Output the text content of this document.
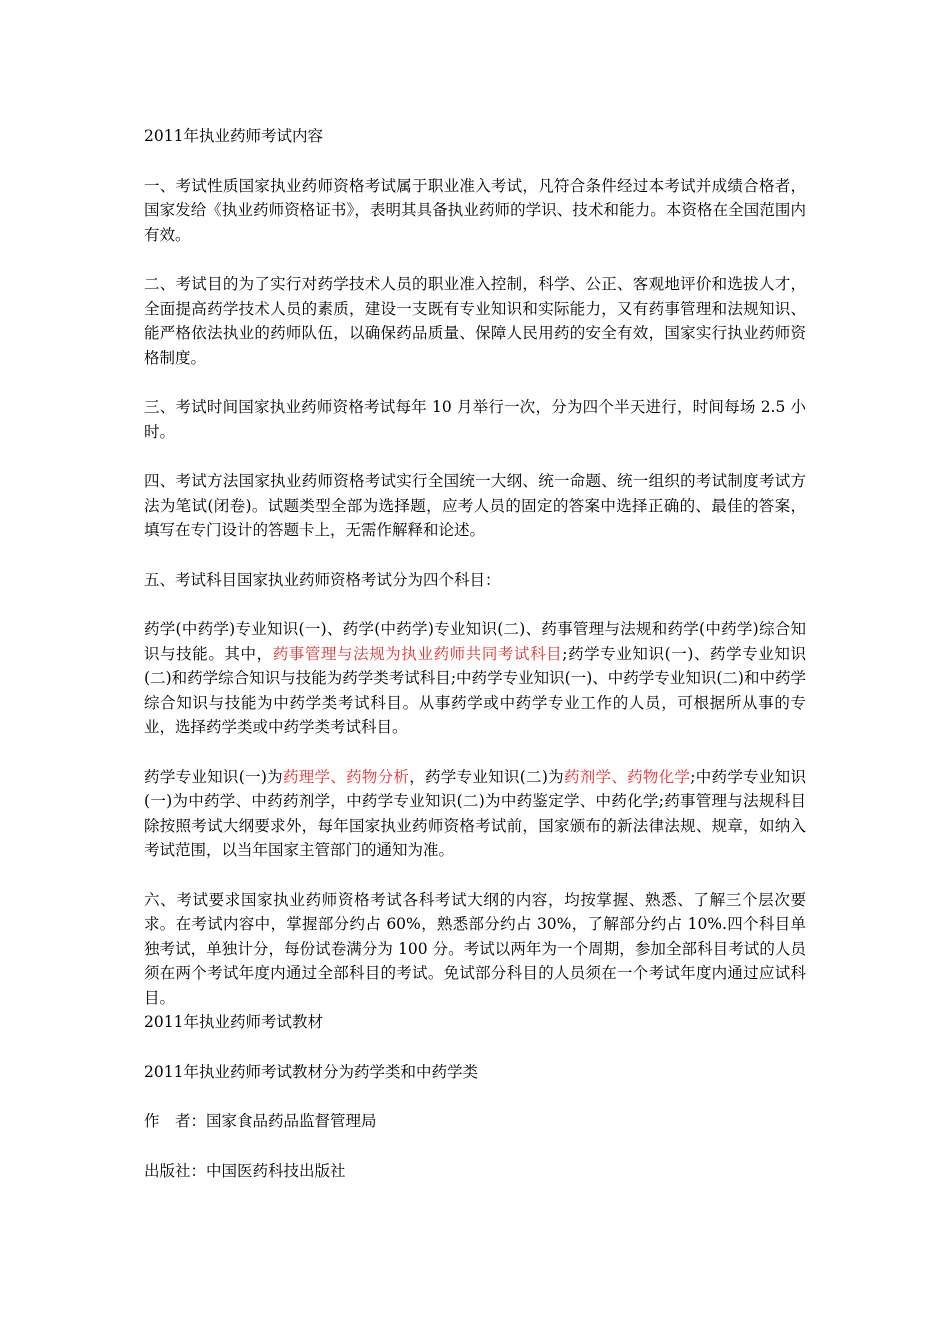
2011年执业药师考试内容

一、考试性质国家执业药师资格考试属于职业准入考试，凡符合条件经过本考试并成绩合格者，国家发给《执业药师资格证书》，表明其具备执业药师的学识、技术和能力。本资格在全国范围内有效。

二、考试目的为了实行对药学技术人员的职业准入控制，科学、公正、客观地评价和选拔人才，全面提高药学技术人员的素质，建设一支既有专业知识和实际能力，又有药事管理和法规知识、能严格依法执业的药师队伍，以确保药品质量、保障人民用药的安全有效，国家实行执业药师资格制度。

三、考试时间国家执业药师资格考试每年 10 月举行一次，分为四个半天进行，时间每场 2.5 小时。

四、考试方法国家执业药师资格考试实行全国统一大纲、统一命题、统一组织的考试制度考试方法为笔试(闭卷)。试题类型全部为选择题，应考人员的固定的答案中选择正确的、最佳的答案，填写在专门设计的答题卡上，无需作解释和论述。

五、考试科目国家执业药师资格考试分为四个科目：

药学(中药学)专业知识(一)、药学(中药学)专业知识(二)、药事管理与法规和药学(中药学)综合知识与技能。其中，药事管理与法规为执业药师共同考试科目;药学专业知识(一)、药学专业知识(二)和药学综合知识与技能为药学类考试科目;中药学专业知识(一)、中药学专业知识(二)和中药学综合知识与技能为中药学类考试科目。从事药学或中药学专业工作的人员，可根据所从事的专业，选择药学类或中药学类考试科目。

药学专业知识(一)为药理学、药物分析，药学专业知识(二)为药剂学、药物化学;中药学专业知识(一)为中药学、中药药剂学，中药学专业知识(二)为中药鉴定学、中药化学;药事管理与法规科目除按照考试大纲要求外，每年国家执业药师资格考试前，国家颁布的新法律法规、规章，如纳入考试范围，以当年国家主管部门的通知为准。

六、考试要求国家执业药师资格考试各科考试大纲的内容，均按掌握、熟悉、了解三个层次要求。在考试内容中，掌握部分约占 60%，熟悉部分约占 30%，了解部分约占 10%.四个科目单独考试，单独计分，每份试卷满分为 100 分。考试以两年为一个周期，参加全部科目考试的人员须在两个考试年度内通过全部科目的考试。免试部分科目的人员须在一个考试年度内通过应试科目。

2011年执业药师考试教材

2011年执业药师考试教材分为药学类和中药学类

作　者：国家食品药品监督管理局

出版社：中国医药科技出版社
